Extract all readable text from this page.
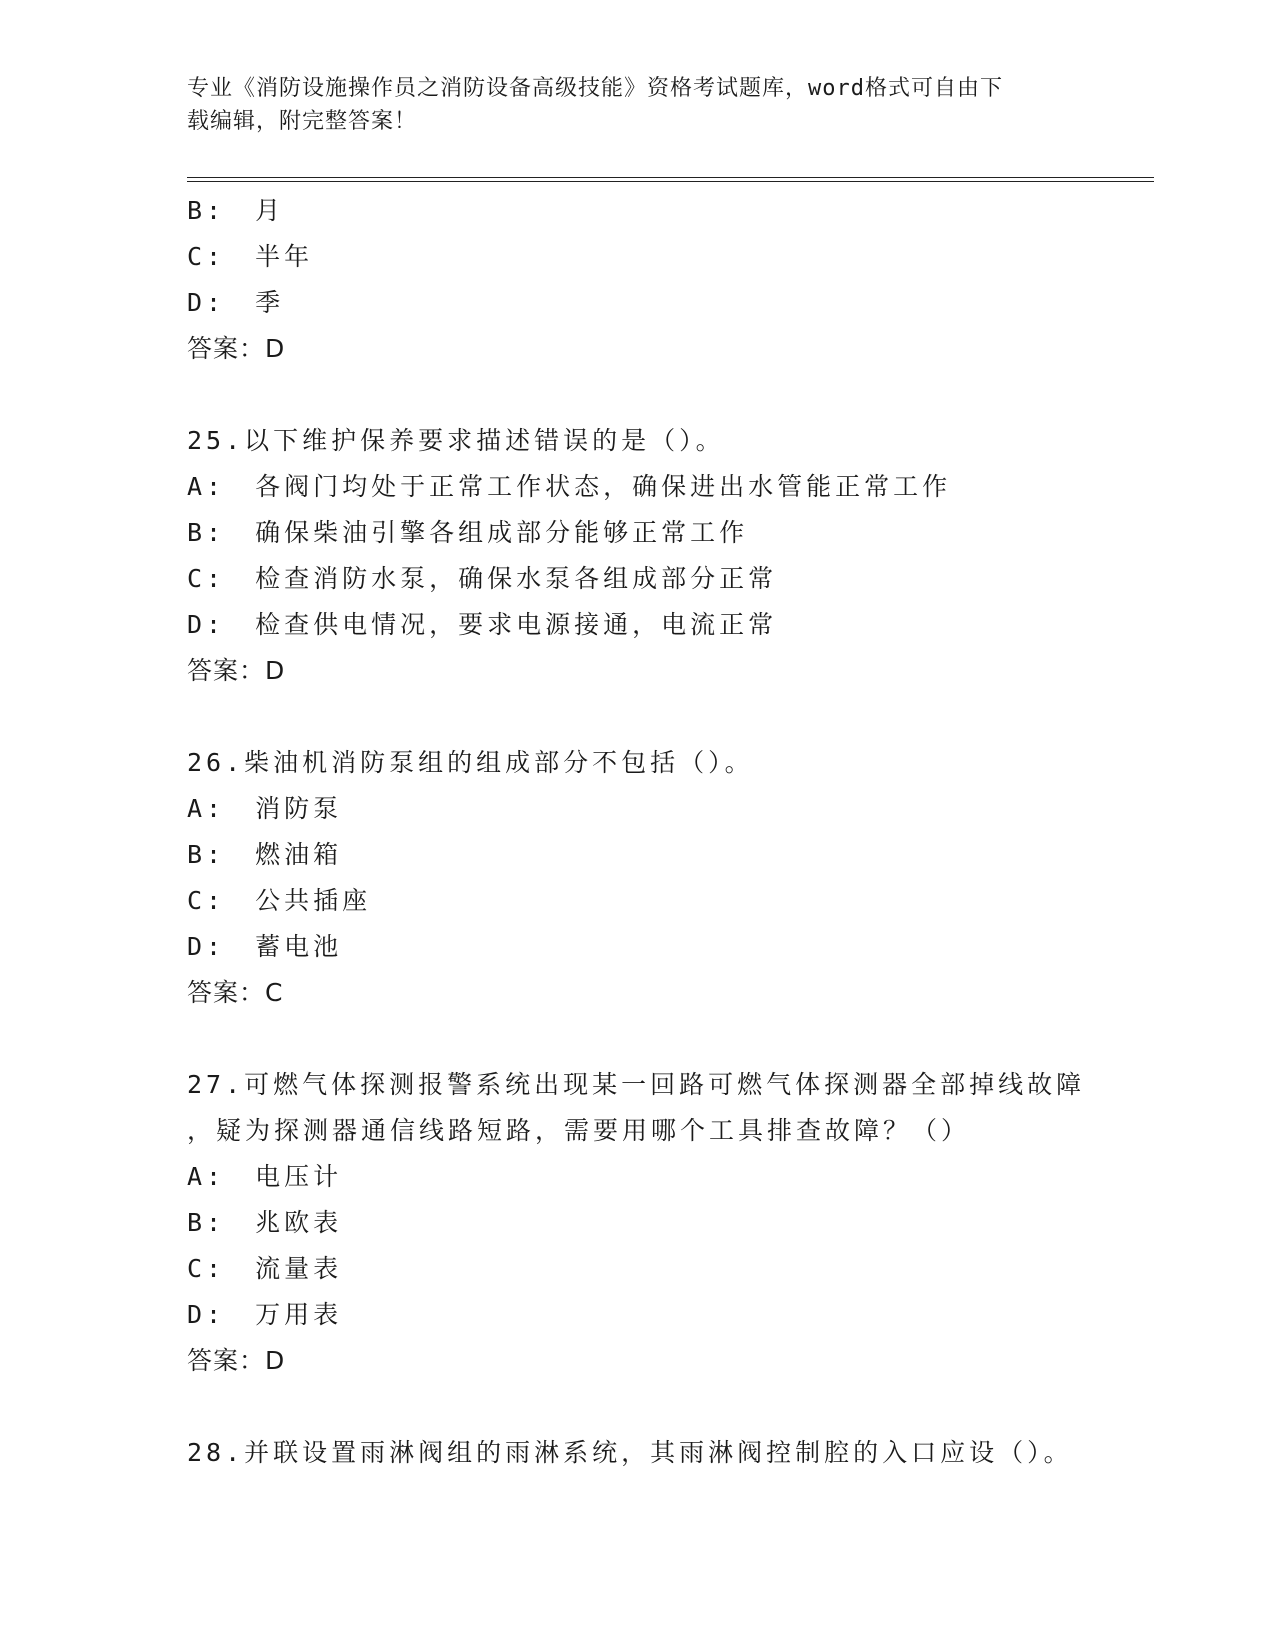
专业《消防设施操作员之消防设备高级技能》资格考试题库，word格式可自由下
载编辑，附完整答案！
B: 月
C: 半年
D: 季
答案：D
25.以下维护保养要求描述错误的是（）。
A: 各阀门均处于正常工作状态，确保进出水管能正常工作
B: 确保柴油引擎各组成部分能够正常工作
C: 检查消防水泵，确保水泵各组成部分正常
D: 检查供电情况，要求电源接通，电流正常
答案：D
26.柴油机消防泵组的组成部分不包括（）。
A: 消防泵
B: 燃油箱
C: 公共插座
D: 蓄电池
答案：C
27.可燃气体探测报警系统出现某一回路可燃气体探测器全部掉线故障
，疑为探测器通信线路短路，需要用哪个工具排查故障？（）
A: 电压计
B: 兆欧表
C: 流量表
D: 万用表
答案：D
28.并联设置雨淋阀组的雨淋系统，其雨淋阀控制腔的入口应设（）。
